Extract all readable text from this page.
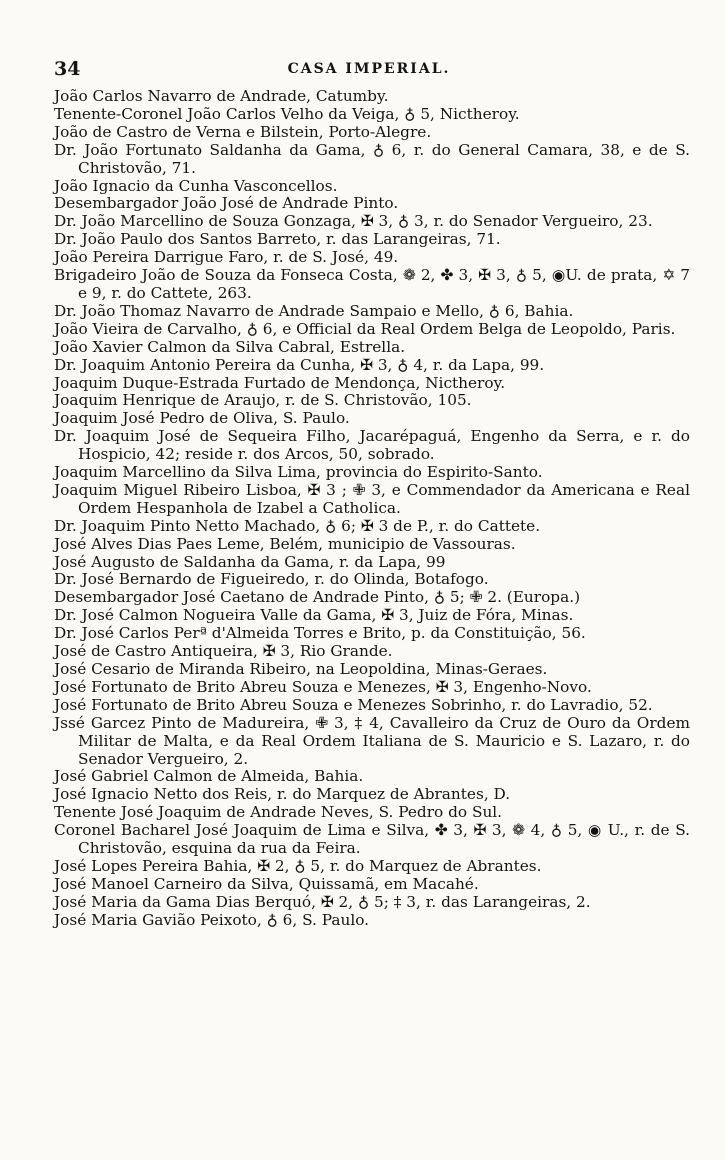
34	CASA IMPERIAL.

João Carlos Navarro de Andrade, Catumby.

Tenente-Coronel João Carlos Velho da Veiga, ♁ 5, Nictheroy.

João de Castro de Verna e Bilstein, Porto-Alegre.

Dr. João Fortunato Saldanha da Gama, ♁ 6, r. do General Camara, 38, e de S. Christovão, 71.

João Ignacio da Cunha Vasconcellos.

Desembargador João José de Andrade Pinto.

Dr. João Marcellino de Souza Gonzaga, ✠ 3, ♁ 3, r. do Senador Vergueiro, 23.

Dr. João Paulo dos Santos Barreto, r. das Larangeiras, 71.

João Pereira Darrigue Faro, r. de S. José, 49.

Brigadeiro João de Souza da Fonseca Costa, ❁ 2, ✤ 3, ✠ 3, ♁ 5, ◉U. de prata, ✡ 7 e 9, r. do Cattete, 263.

Dr. João Thomaz Navarro de Andrade Sampaio e Mello, ♁ 6, Bahia.

João Vieira de Carvalho, ♁ 6, e Official da Real Ordem Belga de Leopoldo, Paris.

João Xavier Calmon da Silva Cabral, Estrella.

Dr. Joaquim Antonio Pereira da Cunha, ✠ 3, ♁ 4, r. da Lapa, 99.

Joaquim Duque-Estrada Furtado de Mendonça, Nictheroy.

Joaquim Henrique de Araujo, r. de S. Christovão, 105.

Joaquim José Pedro de Oliva, S. Paulo.

Dr. Joaquim José de Sequeira Filho, Jacarépaguá, Engenho da Serra, e r. do Hospicio, 42; reside r. dos Arcos, 50, sobrado.

Joaquim Marcellino da Silva Lima, provincia do Espirito-Santo.

Joaquim Miguel Ribeiro Lisboa, ✠ 3 ; ✙ 3, e Commendador da Americana e Real Ordem Hespanhola de Izabel a Catholica.

Dr. Joaquim Pinto Netto Machado, ♁ 6; ✠ 3 de P., r. do Cattete.

José Alves Dias Paes Leme, Belém, municipio de Vassouras.

José Augusto de Saldanha da Gama, r. da Lapa, 99

Dr. José Bernardo de Figueiredo, r. do Olinda, Botafogo.

Desembargador José Caetano de Andrade Pinto, ♁ 5; ✙ 2. (Europa.)

Dr. José Calmon Nogueira Valle da Gama, ✠ 3, Juiz de Fóra, Minas.

Dr. José Carlos Perª d'Almeida Torres e Brito, p. da Constituição, 56.

José de Castro Antiqueira, ✠ 3, Rio Grande.

José Cesario de Miranda Ribeiro, na Leopoldina, Minas-Geraes.

José Fortunato de Brito Abreu Souza e Menezes, ✠ 3, Engenho-Novo.

José Fortunato de Brito Abreu Souza e Menezes Sobrinho, r. do Lavradio, 52.

Jssé Garcez Pinto de Madureira, ✙ 3, ‡ 4, Cavalleiro da Cruz de Ouro da Ordem Militar de Malta, e da Real Ordem Italiana de S. Mauricio e S. Lazaro, r. do Senador Vergueiro, 2.

José Gabriel Calmon de Almeida, Bahia.

José Ignacio Netto dos Reis, r. do Marquez de Abrantes, D.

Tenente José Joaquim de Andrade Neves, S. Pedro do Sul.

Coronel Bacharel José Joaquim de Lima e Silva, ✤ 3, ✠ 3, ❁ 4, ♁ 5, ◉ U., r. de S. Christovão, esquina da rua da Feira.

José Lopes Pereira Bahia, ✠ 2, ♁ 5, r. do Marquez de Abrantes.

José Manoel Carneiro da Silva, Quissamã, em Macahé.

José Maria da Gama Dias Berquó, ✠ 2, ♁ 5; ‡ 3, r. das Larangeiras, 2.

José Maria Gavião Peixoto, ♁ 6, S. Paulo.
